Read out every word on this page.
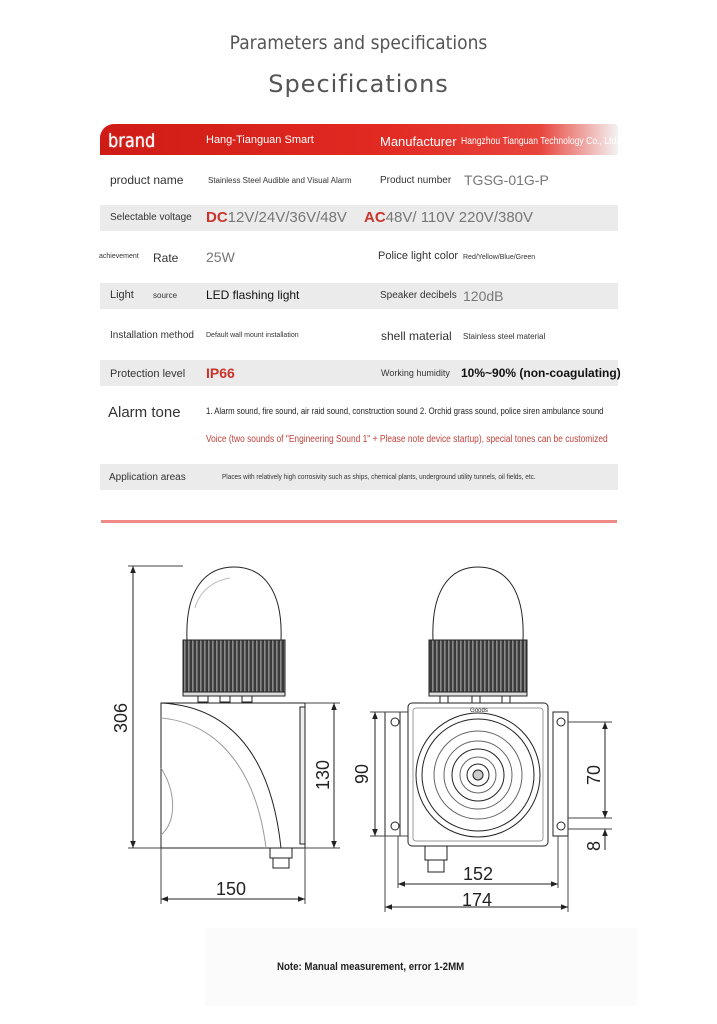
Parameters and specifications
Specifications
brand	Hang-Tianguan Smart	Manufacturer Hangzhou Tianguan Technology Co., Ltd.
product name	Stainless Steel Audible and Visual Alarm	Product number TGSG-01G-P
Selectable voltage DC12V/24V/36V/48V AC48V/ 110V 220V/380V
achievement Rate 25W	Police light color Red/Yellow/Blue/Green
Light source LED flashing light	Speaker decibels 120dB
Installation method Default wall mount installation	shell material Stainless steel material
Protection level IP66	Working humidity 10%~90% (non-coagulating)
Alarm tone	1. Alarm sound, fire sound, air raid sound, construction sound 2. Orchid grass sound, police siren ambulance sound
Voice (two sounds of "Engineering Sound 1" + Please note device startup), special tones can be customized
Application areas	Places with relatively high corrosivity such as ships, chemical plants, underground utility tunnels, oil fields, etc.
306
130
150
90	70
8
152
174
Goods
Note: Manual measurement, error 1-2MM
